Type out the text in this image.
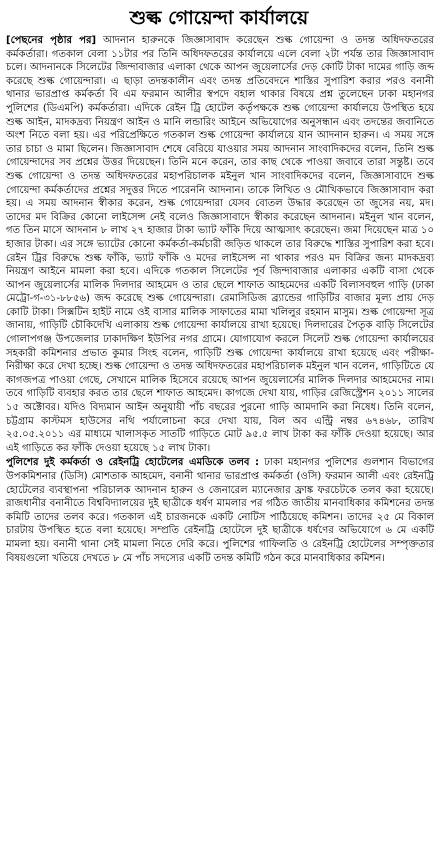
শুল্ক গোয়েন্দা কার্যালয়ে

[পেছনের পৃষ্ঠার পর] আদনান হারুনকে জিজ্ঞাসাবাদ করেছেন শুল্ক গোয়েন্দা ও তদন্ত অধিদফতরের কর্মকর্তারা। গতকাল বেলা ১১টার পর তিনি অধিদফতরের কার্যালয়ে এলে বেলা ২টা পর্যন্ত তার জিজ্ঞাসাবাদ চলে। আদনানকে সিলেটের জিন্দাবাজার এলাকা থেকে আপন জুয়েলার্সের দেড় কোটি টাকা দামের গাড়ি জব্দ করেছে শুল্ক গোয়েন্দারা। এ ছাড়া তদন্তকালীন এবং তদন্ত প্রতিবেদনে শাস্তির সুপারিশ করার পরও বনানী থানার ভারপ্রাপ্ত কর্মকর্তা বি এম ফরমান আলীর স্বপদে বহাল থাকার বিষয়ে প্রশ্ন তুলেছেন ঢাকা মহানগর পুলিশের (ডিএমপি) কর্মকর্তারা। এদিকে রেইন ট্রি হোটেল কর্তৃপক্ষকে শুল্ক গোয়েন্দা কার্যালয়ে উপস্থিত হয়ে শুল্ক আইন, মাদকদ্রব্য নিয়ন্ত্রণ আইন ও মানি লন্ডারিং আইনে অভিযোগের অনুসন্ধান এবং তদন্তের জবানিতে অংশ নিতে বলা হয়। এর পরিপ্রেক্ষিতে গতকাল শুল্ক গোয়েন্দা কার্যালয়ে যান আদনান হারুন। এ সময় সঙ্গে তার চাচা ও মামা ছিলেন। জিজ্ঞাসাবাদ শেষে বেরিয়ে যাওয়ার সময় আদনান সাংবাদিকদের বলেন, তিনি শুল্ক গোয়েন্দাদের সব প্রশ্নের উত্তর দিয়েছেন। তিনি মনে করেন, তার কাছ থেকে পাওয়া জবাবে তারা সন্তুষ্ট। তবে শুল্ক গোয়েন্দা ও তদন্ত অধিদফতরের মহাপরিচালক মইনুল খান সাংবাদিকদের বলেন, জিজ্ঞাসাবাদে শুল্ক গোয়েন্দা কর্মকর্তাদের প্রশ্নের সদুত্তর দিতে পারেননি আদনান। তাকে লিখিত ও মৌখিকভাবে জিজ্ঞাসাবাদ করা হয়। এ সময় আদনান স্বীকার করেন, শুল্ক গোয়েন্দারা যেসব বোতল উদ্ধার করেছেন তা জুসের নয়, মদ। তাদের মদ বিক্রির কোনো লাইসেন্স নেই বলেও জিজ্ঞাসাবাদে স্বীকার করেছেন আদনান। মইনুল খান বলেন, গত তিন মাসে আদনান ৮ লাখ ২৭ হাজার টাকা ভ্যাট ফাঁকি দিয়ে আত্মসাৎ করেছেন। জমা দিয়েছেন মাত্র ১০ হাজার টাকা। এর সঙ্গে ভ্যাটের কোনো কর্মকর্তা-কর্মচারী জড়িত থাকলে তার বিরুদ্ধে শাস্তির সুপারিশ করা হবে। রেইন ট্রির বিরুদ্ধে শুল্ক ফাঁকি, ভ্যাট ফাঁকি ও মদের লাইসেন্স না থাকার পরও মদ বিক্রির জন্য মাদকদ্রব্য নিয়ন্ত্রণ আইনে মামলা করা হবে। এদিকে গতকাল সিলেটের পূর্ব জিন্দাবাজার এলাকার একটি বাসা থেকে আপন জুয়েলার্সের মালিক দিলদার আহমেদ ও তার ছেলে শাফাত আহমেদের একটি বিলাসবহুল গাড়ি (ঢাকা মেট্রো-গ-৩১-৮৮৫৬) জব্দ করেছে শুল্ক গোয়েন্দারা। রেমাসিডিজ ব্র্যান্ডের গাড়িটির বাজার মূল্য প্রায় দেড় কোটি টাকা। সিক্সটিন হাইট নামে ওই বাসার মালিক সাফাতের মামা খলিলুর রহমান মাসুম। শুল্ক গোয়েন্দা সূত্র জানায়, গাড়িটি চৌকিদেখি এলাকায় শুল্ক গোয়েন্দা কার্যালয়ে রাখা হয়েছে। দিলদারের পৈতৃক বাড়ি সিলেটের গোলাপগঞ্জ উপজেলার ঢাকাদক্ষিণ ইউপির নগর গ্রামে। যোগাযোগ করলে সিলেট শুল্ক গোয়েন্দা কার্যালয়ের সহকারী কমিশনার প্রভাত কুমার সিংহ বলেন, গাড়িটি শুল্ক গোয়েন্দা কার্যালয়ে রাখা হয়েছে এবং পরীক্ষা-নিরীক্ষা করে দেখা হচ্ছে। শুল্ক গোয়েন্দা ও তদন্ত অধিদফতরের মহাপরিচালক মইনুল খান বলেন, গাড়িটিতে যে কাগজপত্র পাওয়া গেছে, সেখানে মালিক হিসেবে রয়েছে আপন জুয়েলার্সের মালিক দিলদার আহমেদের নাম। তবে গাড়িটি ব্যবহার করত তার ছেলে শাফাত আহমেদ। কাগজে দেখা যায়, গাড়ির রেজিস্ট্রেশন ২০১১ সালের ১৫ অক্টোবর। যদিও বিদ্যমান আইন অনুযায়ী পাঁচ বছরের পুরনো গাড়ি আমদানি করা নিষেধ। তিনি বলেন, চট্টগ্রাম কাস্টমস হাউসের নথি পর্যালোচনা করে দেখা যায়, বিল অব এন্ট্রি নম্বর ৬৭৪৬৮, তারিখ ২৫.০৫.২০১১ এর মাধ্যমে খালাসকৃত সাতটি গাড়িতে মোট ৯৫.৫ লাখ টাকা কর ফাঁকি দেওয়া হয়েছে। আর এই গাড়িতে কর ফাঁকি দেওয়া হয়েছে ১৫ লাখ টাকা।

পুলিশের দুই কর্মকর্তা ও রেইনট্রি হোটেলের এমডিকে তলব : ঢাকা মহানগর পুলিশের গুলশান বিভাগের উপকমিশনার (ডিসি) মোশতাক আহমেদ, বনানী থানার ভারপ্রাপ্ত কর্মকর্তা (ওসি) ফরমান আলী এবং রেইনট্রি হোটেলের ব্যবস্থাপনা পরিচালক আদনান হারুন ও জেনারেল ম্যানেজার ফ্রাঙ্ক ফরচেটকে তলব করা হয়েছে। রাজধানীর বনানীতে বিশ্ববিদ্যালয়ের দুই ছাত্রীকে ধর্ষণ মামলার পর গঠিত জাতীয় মানবাধিকার কমিশনের তদন্ত কমিটি তাদের তলব করে। গতকাল এই চারজনকে একটি নোটিস পাঠিয়েছে কমিশন। তাদের ২৫ মে বিকাল চারটায় উপস্থিত হতে বলা হয়েছে। সম্প্রতি রেইনট্রি হোটেলে দুই ছাত্রীকে ধর্ষণের অভিযোগে ৬ মে একটি মামলা হয়। বনানী থানা সেই মামলা নিতে দেরি করে। পুলিশের গাফিলতি ও রেইনট্রি হোটেলের সম্পৃক্ততার বিষয়গুলো খতিয়ে দেখতে ৮ মে পাঁচ সদস্যের একটি তদন্ত কমিটি গঠন করে মানবাধিকার কমিশন।
